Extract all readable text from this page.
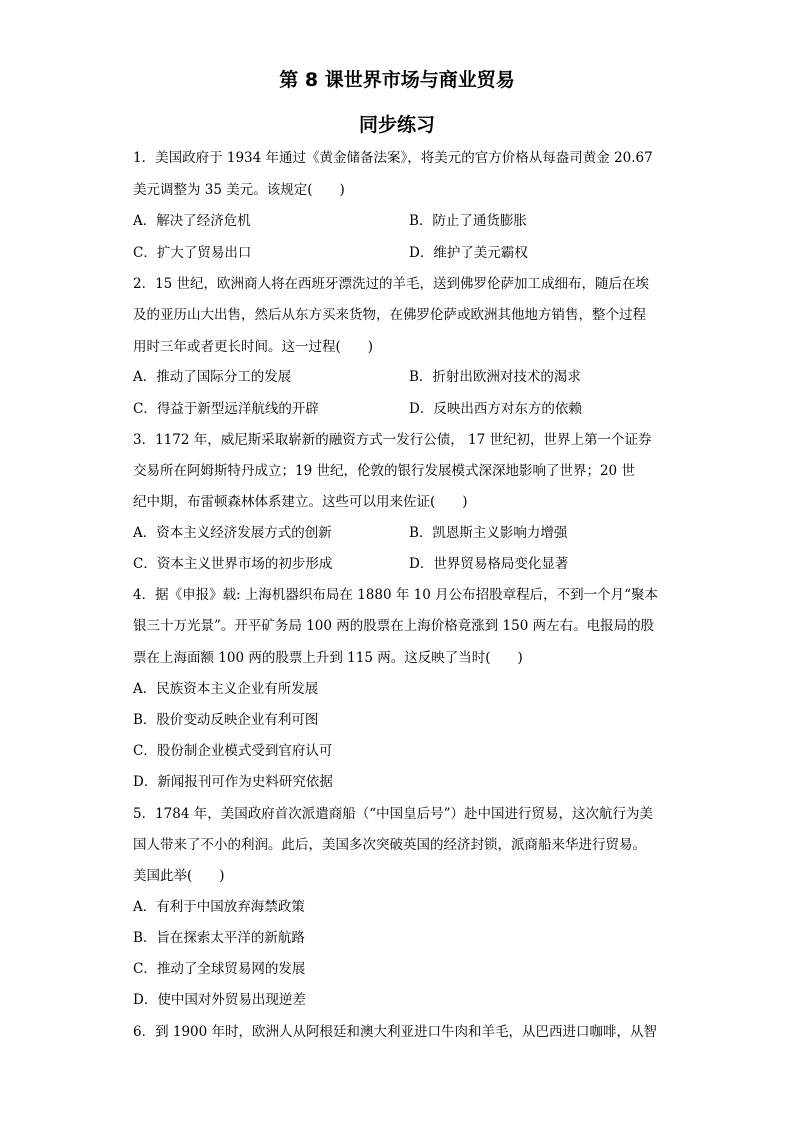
第 8 课世界市场与商业贸易
同步练习
1．美国政府于 1934 年通过《黄金储备法案》，将美元的官方价格从每盎司黄金 20.67
美元调整为 35 美元。该规定(　　)
A．解决了经济危机	B．防止了通货膨胀
C．扩大了贸易出口	D．维护了美元霸权
2．15 世纪，欧洲商人将在西班牙漂洗过的羊毛，送到佛罗伦萨加工成细布，随后在埃
及的亚历山大出售，然后从东方买来货物，在佛罗伦萨或欧洲其他地方销售，整个过程
用时三年或者更长时间。这一过程(　　)
A．推动了国际分工的发展	B．折射出欧洲对技术的渴求
C．得益于新型远洋航线的开辟	D．反映出西方对东方的依赖
3．1172 年，威尼斯采取崭新的融资方式一发行公债， 17 世纪初，世界上第一个证券
交易所在阿姆斯特丹成立；19 世纪，伦敦的银行发展模式深深地影响了世界；20 世
纪中期，布雷顿森林体系建立。这些可以用来佐证(　　)
A．资本主义经济发展方式的创新	B．凯恩斯主义影响力增强
C．资本主义世界市场的初步形成	D．世界贸易格局变化显著
4．据《申报》载: 上海机器织布局在 1880 年 10 月公布招股章程后，不到一个月“聚本
银三十万光景”。开平矿务局 100 两的股票在上海价格竟涨到 150 两左右。电报局的股
票在上海面额 100 两的股票上升到 115 两。这反映了当时(　　)
A．民族资本主义企业有所发展
B．股价变动反映企业有利可图
C．股份制企业模式受到官府认可
D．新闻报刊可作为史料研究依据
5．1784 年，美国政府首次派遣商船（“中国皇后号”）赴中国进行贸易，这次航行为美
国人带来了不小的利润。此后，美国多次突破英国的经济封锁，派商船来华进行贸易。
美国此举(　　)
A．有利于中国放弃海禁政策
B．旨在探索太平洋的新航路
C．推动了全球贸易网的发展
D．使中国对外贸易出现逆差
6．到 1900 年时，欧洲人从阿根廷和澳大利亚进口牛肉和羊毛，从巴西进口咖啡，从智
